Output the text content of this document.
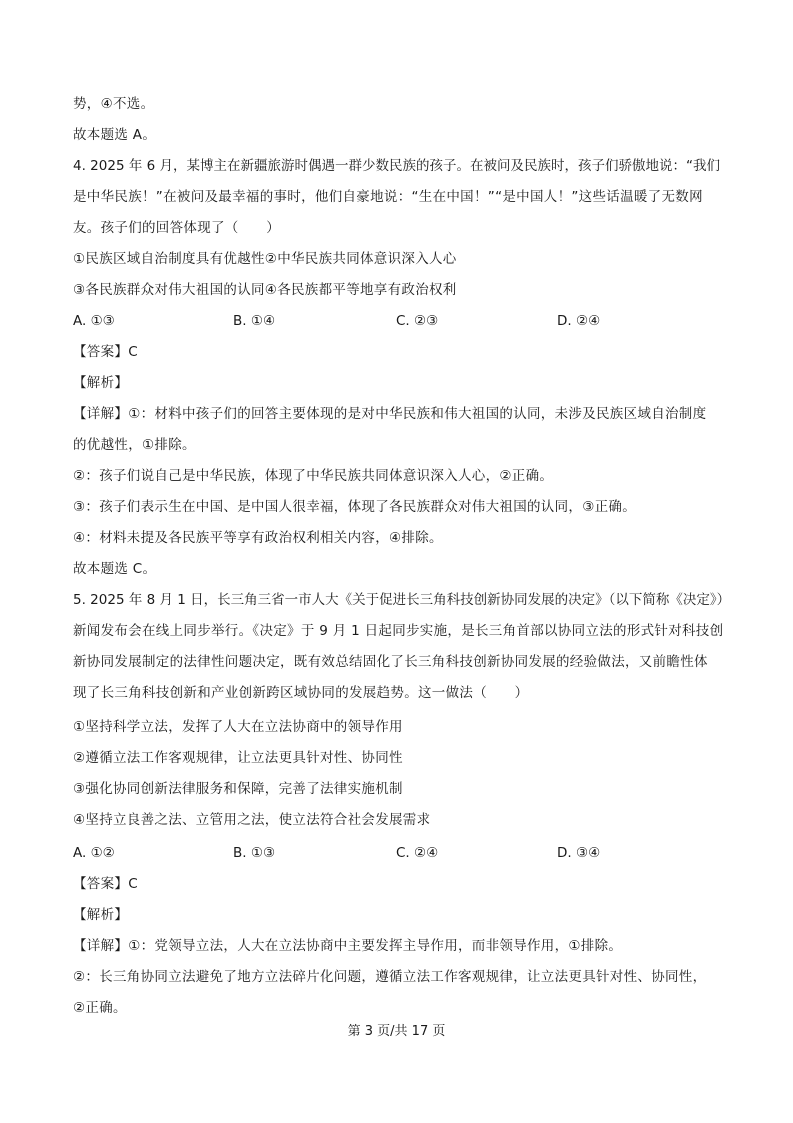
势，④不选。

故本题选 A。

4. 2025 年 6 月，某博主在新疆旅游时偶遇一群少数民族的孩子。在被问及民族时，孩子们骄傲地说：“我们

是中华民族！”在被问及最幸福的事时，他们自豪地说：“生在中国！”“是中国人！”这些话温暖了无数网

友。孩子们的回答体现了（　　）

①民族区域自治制度具有优越性②中华民族共同体意识深入人心

③各民族群众对伟大祖国的认同④各民族都平等地享有政治权利

A. ①③	B. ①④	C. ②③	D. ②④

【答案】C

【解析】

【详解】①：材料中孩子们的回答主要体现的是对中华民族和伟大祖国的认同，未涉及民族区域自治制度

的优越性，①排除。

②：孩子们说自己是中华民族，体现了中华民族共同体意识深入人心，②正确。

③：孩子们表示生在中国、是中国人很幸福，体现了各民族群众对伟大祖国的认同，③正确。

④：材料未提及各民族平等享有政治权利相关内容，④排除。

故本题选 C。

5. 2025 年 8 月 1 日，长三角三省一市人大《关于促进长三角科技创新协同发展的决定》（以下简称《决定》）

新闻发布会在线上同步举行。《决定》于 9 月 1 日起同步实施，是长三角首部以协同立法的形式针对科技创

新协同发展制定的法律性问题决定，既有效总结固化了长三角科技创新协同发展的经验做法，又前瞻性体

现了长三角科技创新和产业创新跨区域协同的发展趋势。这一做法（　　）

①坚持科学立法，发挥了人大在立法协商中的领导作用

②遵循立法工作客观规律，让立法更具针对性、协同性

③强化协同创新法律服务和保障，完善了法律实施机制

④坚持立良善之法、立管用之法，使立法符合社会发展需求

A. ①②	B. ①③	C. ②④	D. ③④

【答案】C

【解析】

【详解】①：党领导立法，人大在立法协商中主要发挥主导作用，而非领导作用，①排除。

②：长三角协同立法避免了地方立法碎片化问题，遵循立法工作客观规律，让立法更具针对性、协同性，

②正确。

第 3 页/共 17 页
